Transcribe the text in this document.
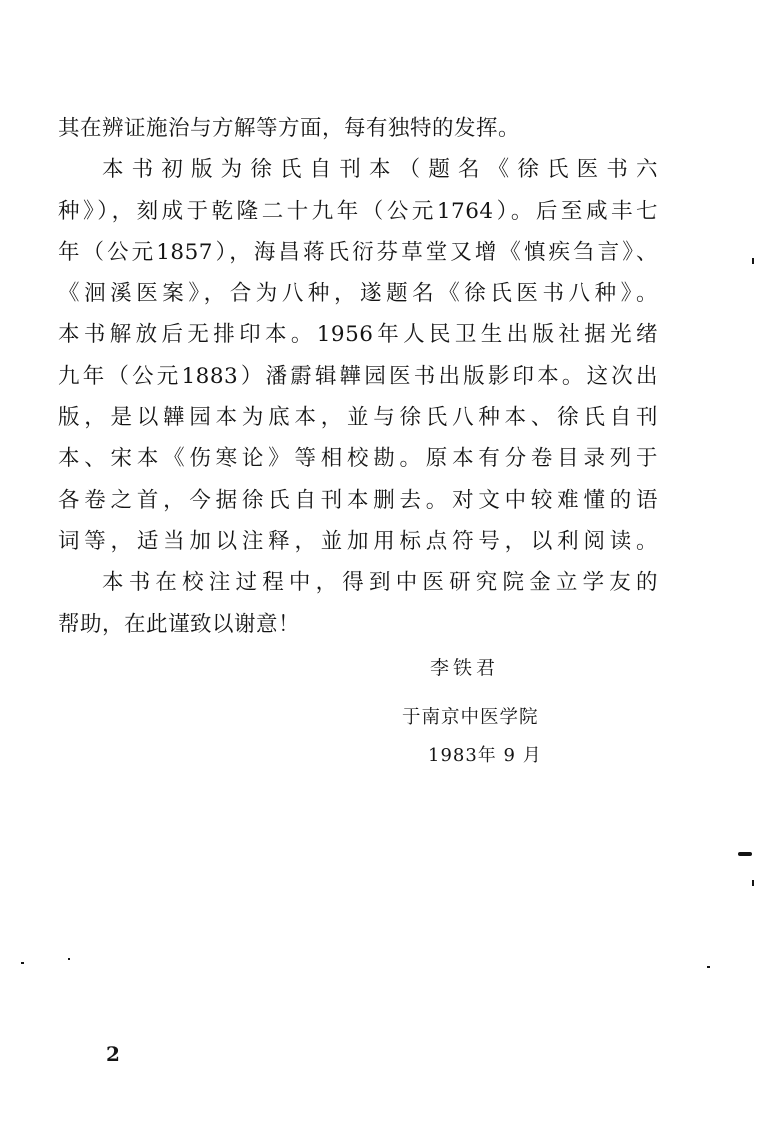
其在辨证施治与方解等方面，每有独特的发挥。
本书初版为徐氏自刊本（题名《徐氏医书六
种》），刻成于乾隆二十九年（公元1764）。后至咸丰七
年（公元1857），海昌蒋氏衍芬草堂又增《慎疾刍言》、
《洄溪医案》，合为八种，遂题名《徐氏医书八种》。
本书解放后无排印本。1956年人民卫生出版社据光绪
九年（公元1883）潘霨辑韡园医书出版影印本。这次出
版，是以韡园本为底本，並与徐氏八种本、徐氏自刊
本、宋本《伤寒论》等相校勘。原本有分卷目录列于
各卷之首，今据徐氏自刊本删去。对文中较难懂的语
词等，适当加以注释，並加用标点符号，以利阅读。
本书在校注过程中，得到中医研究院金立学友的
帮助，在此谨致以谢意！
李铁君
于南京中医学院
1983年 9 月
2
